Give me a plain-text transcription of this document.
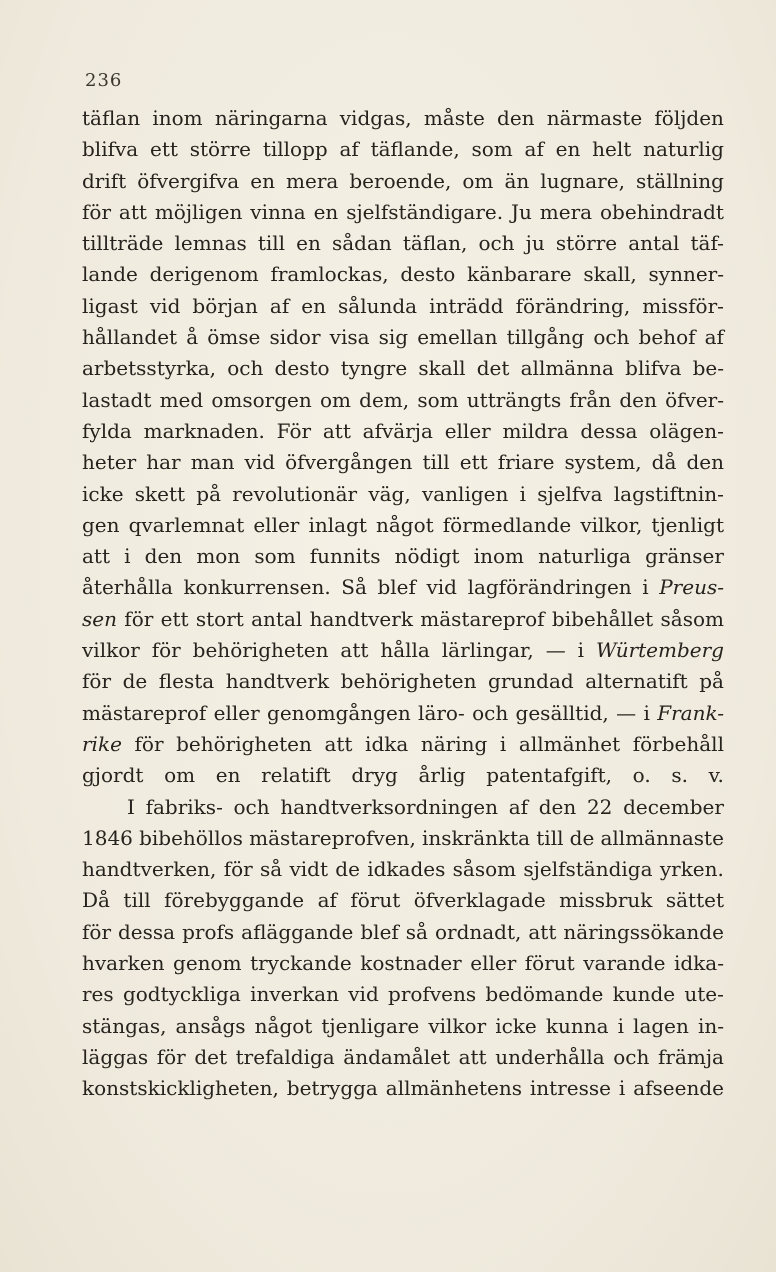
236
täflan inom näringarna vidgas, måste den närmaste följden
blifva ett större tillopp af täflande, som af en helt naturlig
drift öfvergifva en mera beroende, om än lugnare, ställning
för att möjligen vinna en sjelfständigare. Ju mera obehindradt
tillträde lemnas till en sådan täflan, och ju större antal täf-
lande derigenom framlockas, desto känbarare skall, synner-
ligast vid början af en sålunda inträdd förändring, missför-
hållandet å ömse sidor visa sig emellan tillgång och behof af
arbetsstyrka, och desto tyngre skall det allmänna blifva be-
lastadt med omsorgen om dem, som utträngts från den öfver-
fylda marknaden. För att afvärja eller mildra dessa olägen-
heter har man vid öfvergången till ett friare system, då den
icke skett på revolutionär väg, vanligen i sjelfva lagstiftnin-
gen qvarlemnat eller inlagt något förmedlande vilkor, tjenligt
att i den mon som funnits nödigt inom naturliga gränser
återhålla konkurrensen. Så blef vid lagförändringen i Preus-
sen för ett stort antal handtverk mästareprof bibehållet såsom
vilkor för behörigheten att hålla lärlingar, — i Würtemberg
för de flesta handtverk behörigheten grundad alternatift på
mästareprof eller genomgången läro- och gesälltid, — i Frank-
rike för behörigheten att idka näring i allmänhet förbehåll
gjordt om en relatift dryg årlig patentafgift, o. s. v.
I fabriks- och handtverksordningen af den 22 december
1846 bibehöllos mästareprofven, inskränkta till de allmännaste
handtverken, för så vidt de idkades såsom sjelfständiga yrken.
Då till förebyggande af förut öfverklagade missbruk sättet
för dessa profs afläggande blef så ordnadt, att näringssökande
hvarken genom tryckande kostnader eller förut varande idka-
res godtyckliga inverkan vid profvens bedömande kunde ute-
stängas, ansågs något tjenligare vilkor icke kunna i lagen in-
läggas för det trefaldiga ändamålet att underhålla och främja
konstskickligheten, betrygga allmänhetens intresse i afseende
